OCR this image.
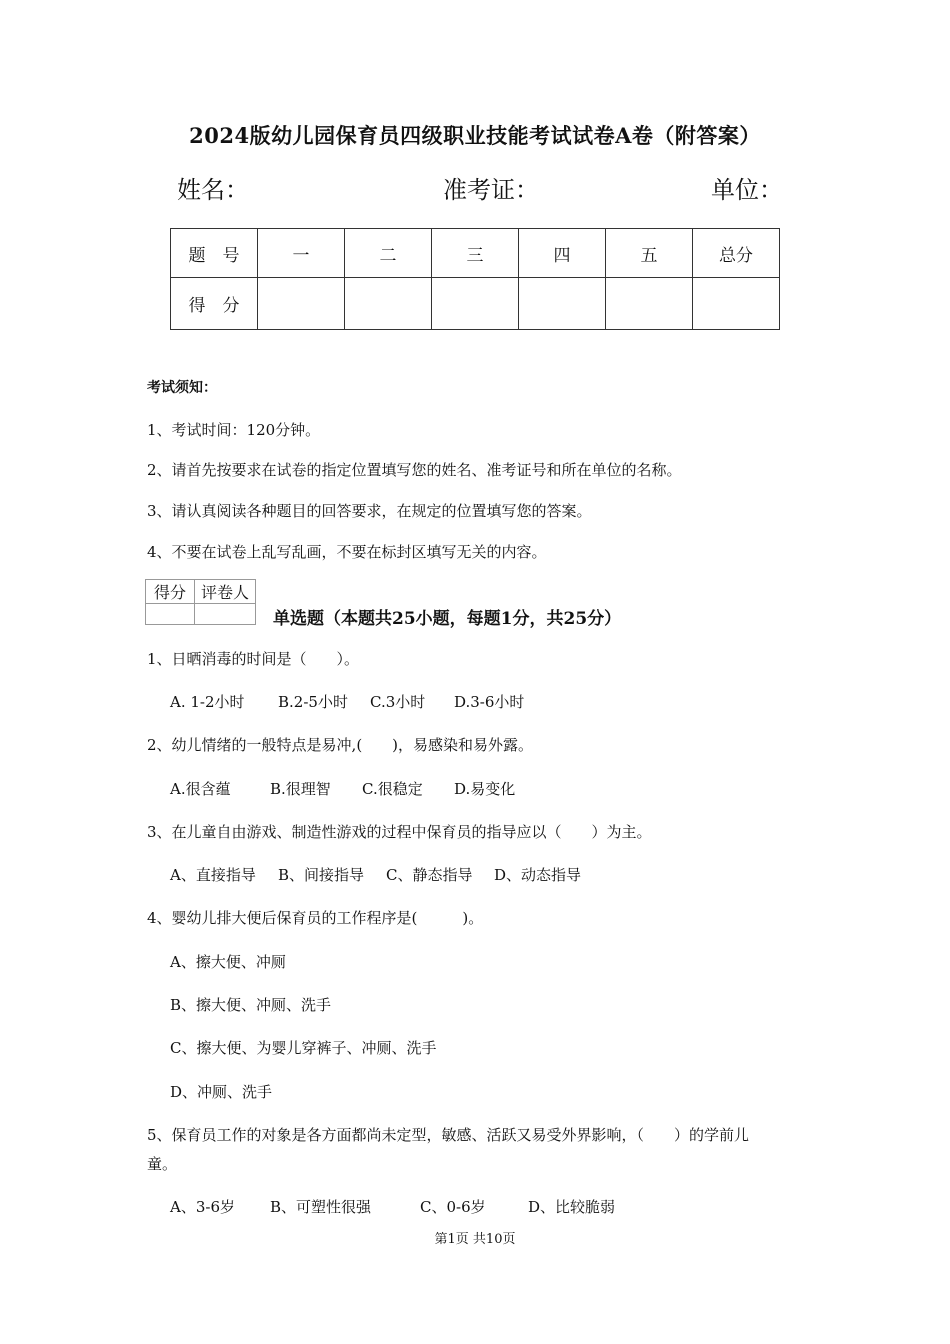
2024版幼儿园保育员四级职业技能考试试卷A卷（附答案）
姓名：	准考证：	单位：
题　号	一	二	三	四	五	总分
得　分						
考试须知：
1、考试时间：120分钟。
2、请首先按要求在试卷的指定位置填写您的姓名、准考证号和所在单位的名称。
3、请认真阅读各种题目的回答要求，在规定的位置填写您的答案。
4、不要在试卷上乱写乱画，不要在标封区填写无关的内容。
得分	评卷人

单选题（本题共25小题，每题1分，共25分）
1、日晒消毒的时间是（　　）。
A. 1-2小时 B.2-5小时 C.3小时 D.3-6小时
2、幼儿情绪的一般特点是易冲,(　　)，易感染和易外露。
A.很含蕴	B.很理智 C.很稳定 D.易变化
3、在儿童自由游戏、制造性游戏的过程中保育员的指导应以（　　）为主。
A、直接指导 B、间接指导 C、静态指导 D、动态指导
4、婴幼儿排大便后保育员的工作程序是(　　　)。
A、擦大便、冲厕
B、擦大便、冲厕、洗手
C、擦大便、为婴儿穿裤子、冲厕、洗手
D、冲厕、洗手
5、保育员工作的对象是各方面都尚未定型，敏感、活跃又易受外界影响，（　　）的学前儿
童。
A、3-6岁 B、可塑性很强	C、0-6岁	D、比较脆弱
第1页 共10页
